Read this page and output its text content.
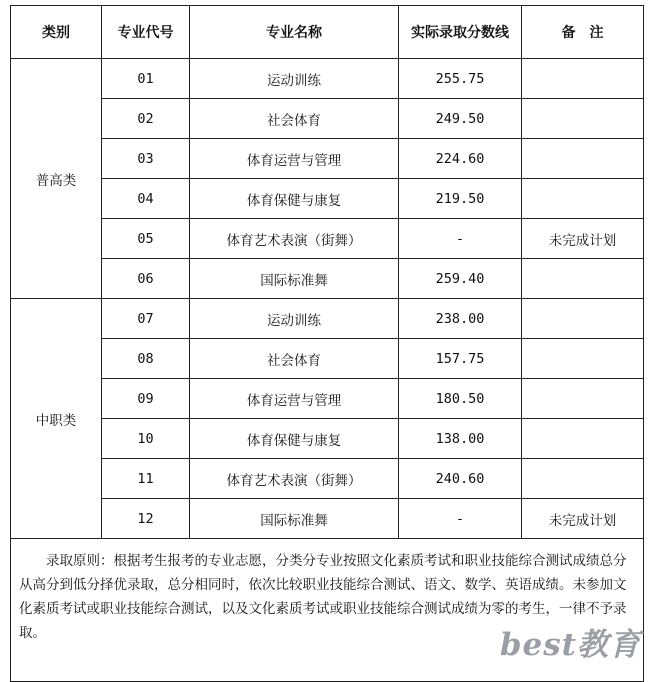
类别	专业代号	专业名称	实际录取分数线	备　注
普高类	01	运动训练	255.75	
	02	社会体育	249.50	
	03	体育运营与管理	224.60	
	04	体育保健与康复	219.50	
	05	体育艺术表演（街舞）	-	未完成计划
	06	国际标准舞	259.40	
中职类	07	运动训练	238.00	
	08	社会体育	157.75	
	09	体育运营与管理	180.50	
	10	体育保健与康复	138.00	
	11	体育艺术表演（街舞）	240.60	
	12	国际标准舞	-	未完成计划

录取原则：根据考生报考的专业志愿，分类分专业按照文化素质考试和职业技能综合测试成绩总分从高分到低分择优录取，总分相同时，依次比较职业技能综合测试、语文、数学、英语成绩。未参加文化素质考试或职业技能综合测试，以及文化素质考试或职业技能综合测试成绩为零的考生，一律不予录取。					best教育
